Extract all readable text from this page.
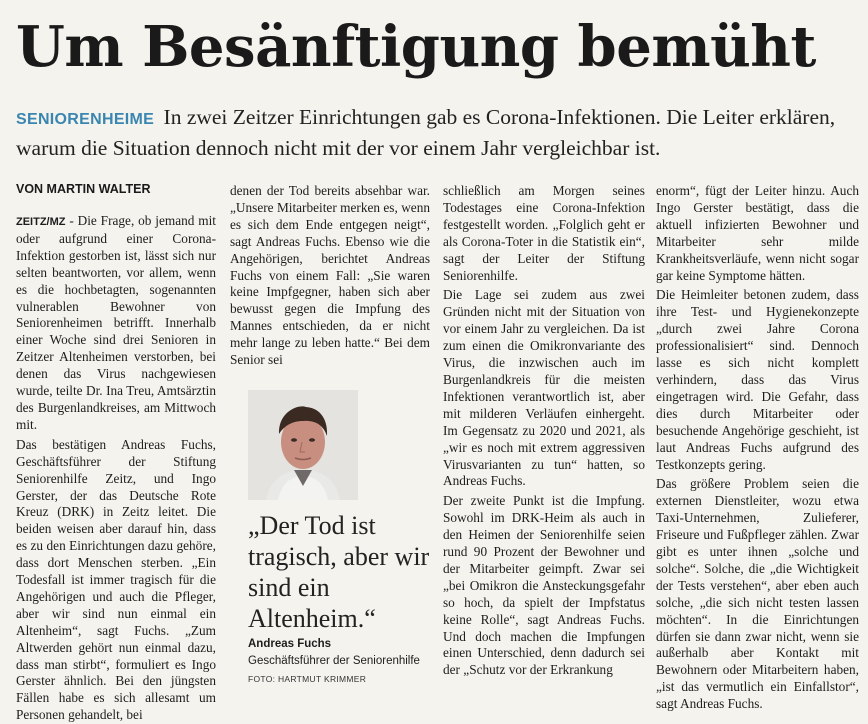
Um Besänftigung bemüht
SENIORENHEIME In zwei Zeitzer Einrichtungen gab es Corona-Infektionen. Die Leiter erklären, warum die Situation dennoch nicht mit der vor einem Jahr vergleichbar ist.
VON MARTIN WALTER

ZEITZ/MZ - Die Frage, ob jemand mit oder aufgrund einer Corona-Infektion gestorben ist, lässt sich nur selten beantworten, vor allem, wenn es die hochbetagten, sogenannten vulnerablen Bewohner von Seniorenheimen betrifft. Innerhalb einer Woche sind drei Senioren in Zeitzer Altenheimen verstorben, bei denen das Virus nachgewiesen wurde, teilte Dr. Ina Treu, Amtsärztin des Burgenlandkreises, am Mittwoch mit.

Das bestätigen Andreas Fuchs, Geschäftsführer der Stiftung Seniorenhilfe Zeitz, und Ingo Gerster, der das Deutsche Rote Kreuz (DRK) in Zeitz leitet. Die beiden weisen aber darauf hin, dass es zu den Einrichtungen dazu gehöre, dass dort Menschen sterben. „Ein Todesfall ist immer tragisch für die Angehörigen und auch die Pfleger, aber wir sind nun einmal ein Altenheim“, sagt Fuchs. „Zum Altwerden gehört nun einmal dazu, dass man stirbt“, formuliert es Ingo Gerster ähnlich. Bei den jüngsten Fällen habe es sich allesamt um Personen gehandelt, bei

denen der Tod bereits absehbar war. „Unsere Mitarbeiter merken es, wenn es sich dem Ende entgegen neigt“, sagt Andreas Fuchs. Ebenso wie die Angehörigen, berichtet Andreas Fuchs von einem Fall: „Sie waren keine Impfgegner, haben sich aber bewusst gegen die Impfung des Mannes entschieden, da er nicht mehr lange zu leben hatte.“ Bei dem Senior sei

„Der Tod ist tragisch, aber wir sind ein Altenheim.“
Andreas Fuchs
Geschäftsführer der Seniorenhilfe
FOTO: HARTMUT KRIMMER

schließlich am Morgen seines Todestages eine Corona-Infektion festgestellt worden. „Folglich geht er als Corona-Toter in die Statistik ein“, sagt der Leiter der Stiftung Seniorenhilfe.

Die Lage sei zudem aus zwei Gründen nicht mit der Situation von vor einem Jahr zu vergleichen. Da ist zum einen die Omikronvariante des Virus, die inzwischen auch im Burgenlandkreis für die meisten Infektionen verantwortlich ist, aber mit milderen Verläufen einhergeht. Im Gegensatz zu 2020 und 2021, als „wir es noch mit extrem aggressiven Virusvarianten zu tun“ hatten, so Andreas Fuchs.

Der zweite Punkt ist die Impfung. Sowohl im DRK-Heim als auch in den Heimen der Seniorenhilfe seien rund 90 Prozent der Bewohner und der Mitarbeiter geimpft. Zwar sei „bei Omikron die Ansteckungsgefahr so hoch, da spielt der Impfstatus keine Rolle“, sagt Andreas Fuchs. Und doch machen die Impfungen einen Unterschied, denn dadurch sei der „Schutz vor der Erkrankung

enorm“, fügt der Leiter hinzu. Auch Ingo Gerster bestätigt, dass die aktuell infizierten Bewohner und Mitarbeiter sehr milde Krankheitsverläufe, wenn nicht sogar gar keine Symptome hätten.

Die Heimleiter betonen zudem, dass ihre Test- und Hygienekonzepte „durch zwei Jahre Corona professionalisiert“ sind. Dennoch lasse es sich nicht komplett verhindern, dass das Virus eingetragen wird. Die Gefahr, dass dies durch Mitarbeiter oder besuchende Angehörige geschieht, ist laut Andreas Fuchs aufgrund des Testkonzepts gering.

Das größere Problem seien die externen Dienstleiter, wozu etwa Taxi-Unternehmen, Zulieferer, Friseure und Fußpfleger zählen. Zwar gibt es unter ihnen „solche und solche“. Solche, die „die Wichtigkeit der Tests verstehen“, aber eben auch solche, „die sich nicht testen lassen möchten“. In die Einrichtungen dürfen sie dann zwar nicht, wenn sie außerhalb aber Kontakt mit Bewohnern oder Mitarbeitern haben, „ist das vermutlich ein Einfallstor“, sagt Andreas Fuchs.
